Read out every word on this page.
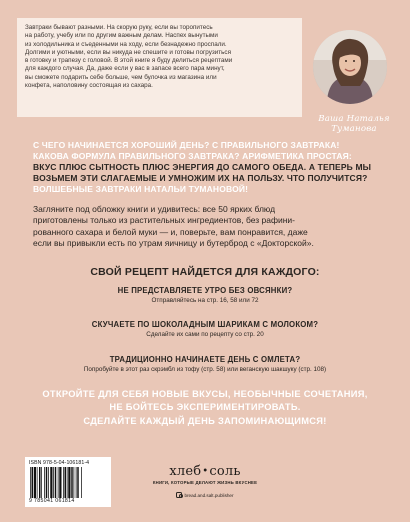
Завтраки бывают разными. На скорую руку, если вы торопитесь

на работу, учебу или по другим важным делам. Наспех вынутыми

из холодильника и съеденными на ходу, если безнадежно проспали.

Долгими и уютными, если вы никуда не спешите и готовы погрузиться

в готовку и трапезу с головой. В этой книге я буду делиться рецептами

для каждого случая. Да, даже если у вас в запасе всего пара минут,

вы сможете подарить себе больше, чем булочка из магазина или

конфета, наполовину состоящая из сахара.

Ваша Наталья Туманова
С ЧЕГО НАЧИНАЕТСЯ ХОРОШИЙ ДЕНЬ? С ПРАВИЛЬНОГО ЗАВТРАКА!
КАКОВА ФОРМУЛА ПРАВИЛЬНОГО ЗАВТРАКА? АРИФМЕТИКА ПРОСТАЯ:
ВКУС ПЛЮС СЫТНОСТЬ ПЛЮС ЭНЕРГИЯ ДО САМОГО ОБЕДА. А ТЕПЕРЬ МЫ
ВОЗЬМЕМ ЭТИ СЛАГАЕМЫЕ И УМНОЖИМ ИХ НА ПОЛЬЗУ. ЧТО ПОЛУЧИТСЯ?
ВОЛШЕБНЫЕ ЗАВТРАКИ НАТАЛЬИ ТУМАНОВОЙ!
Загляните под обложку книги и удивитесь: все 50 ярких блюд
приготовлены только из растительных ингредиентов, без рафини-
рованного сахара и белой муки — и, поверьте, вам понравится, даже
если вы привыкли есть по утрам яичницу и бутерброд с «Докторской».
СВОЙ РЕЦЕПТ НАЙДЕТСЯ ДЛЯ КАЖДОГО:
НЕ ПРЕДСТАВЛЯЕТЕ УТРО БЕЗ ОВСЯНКИ?
Отправляйтесь на стр. 16, 58 или 72
СКУЧАЕТЕ ПО ШОКОЛАДНЫМ ШАРИКАМ С МОЛОКОМ?
Сделайте их сами по рецепту со стр. 20
ТРАДИЦИОННО НАЧИНАЕТЕ ДЕНЬ С ОМЛЕТА?
Попробуйте в этот раз скрэмбл из тофу (стр. 58) или веганскую шакшуку (стр. 108)
ОТКРОЙТЕ ДЛЯ СЕБЯ НОВЫЕ ВКУСЫ, НЕОБЫЧНЫЕ СОЧЕТАНИЯ,
НЕ БОЙТЕСЬ ЭКСПЕРИМЕНТИРОВАТЬ.
СДЕЛАЙТЕ КАЖДЫЙ ДЕНЬ ЗАПОМИНАЮЩИМСЯ!
ISBN 978-5-04-106181-4
9 785041 061814
хлеб•соль
КНИГИ, КОТОРЫЕ ДЕЛАЮТ ЖИЗНЬ ВКУСНЕЕ
bread.and.salt.publisher
